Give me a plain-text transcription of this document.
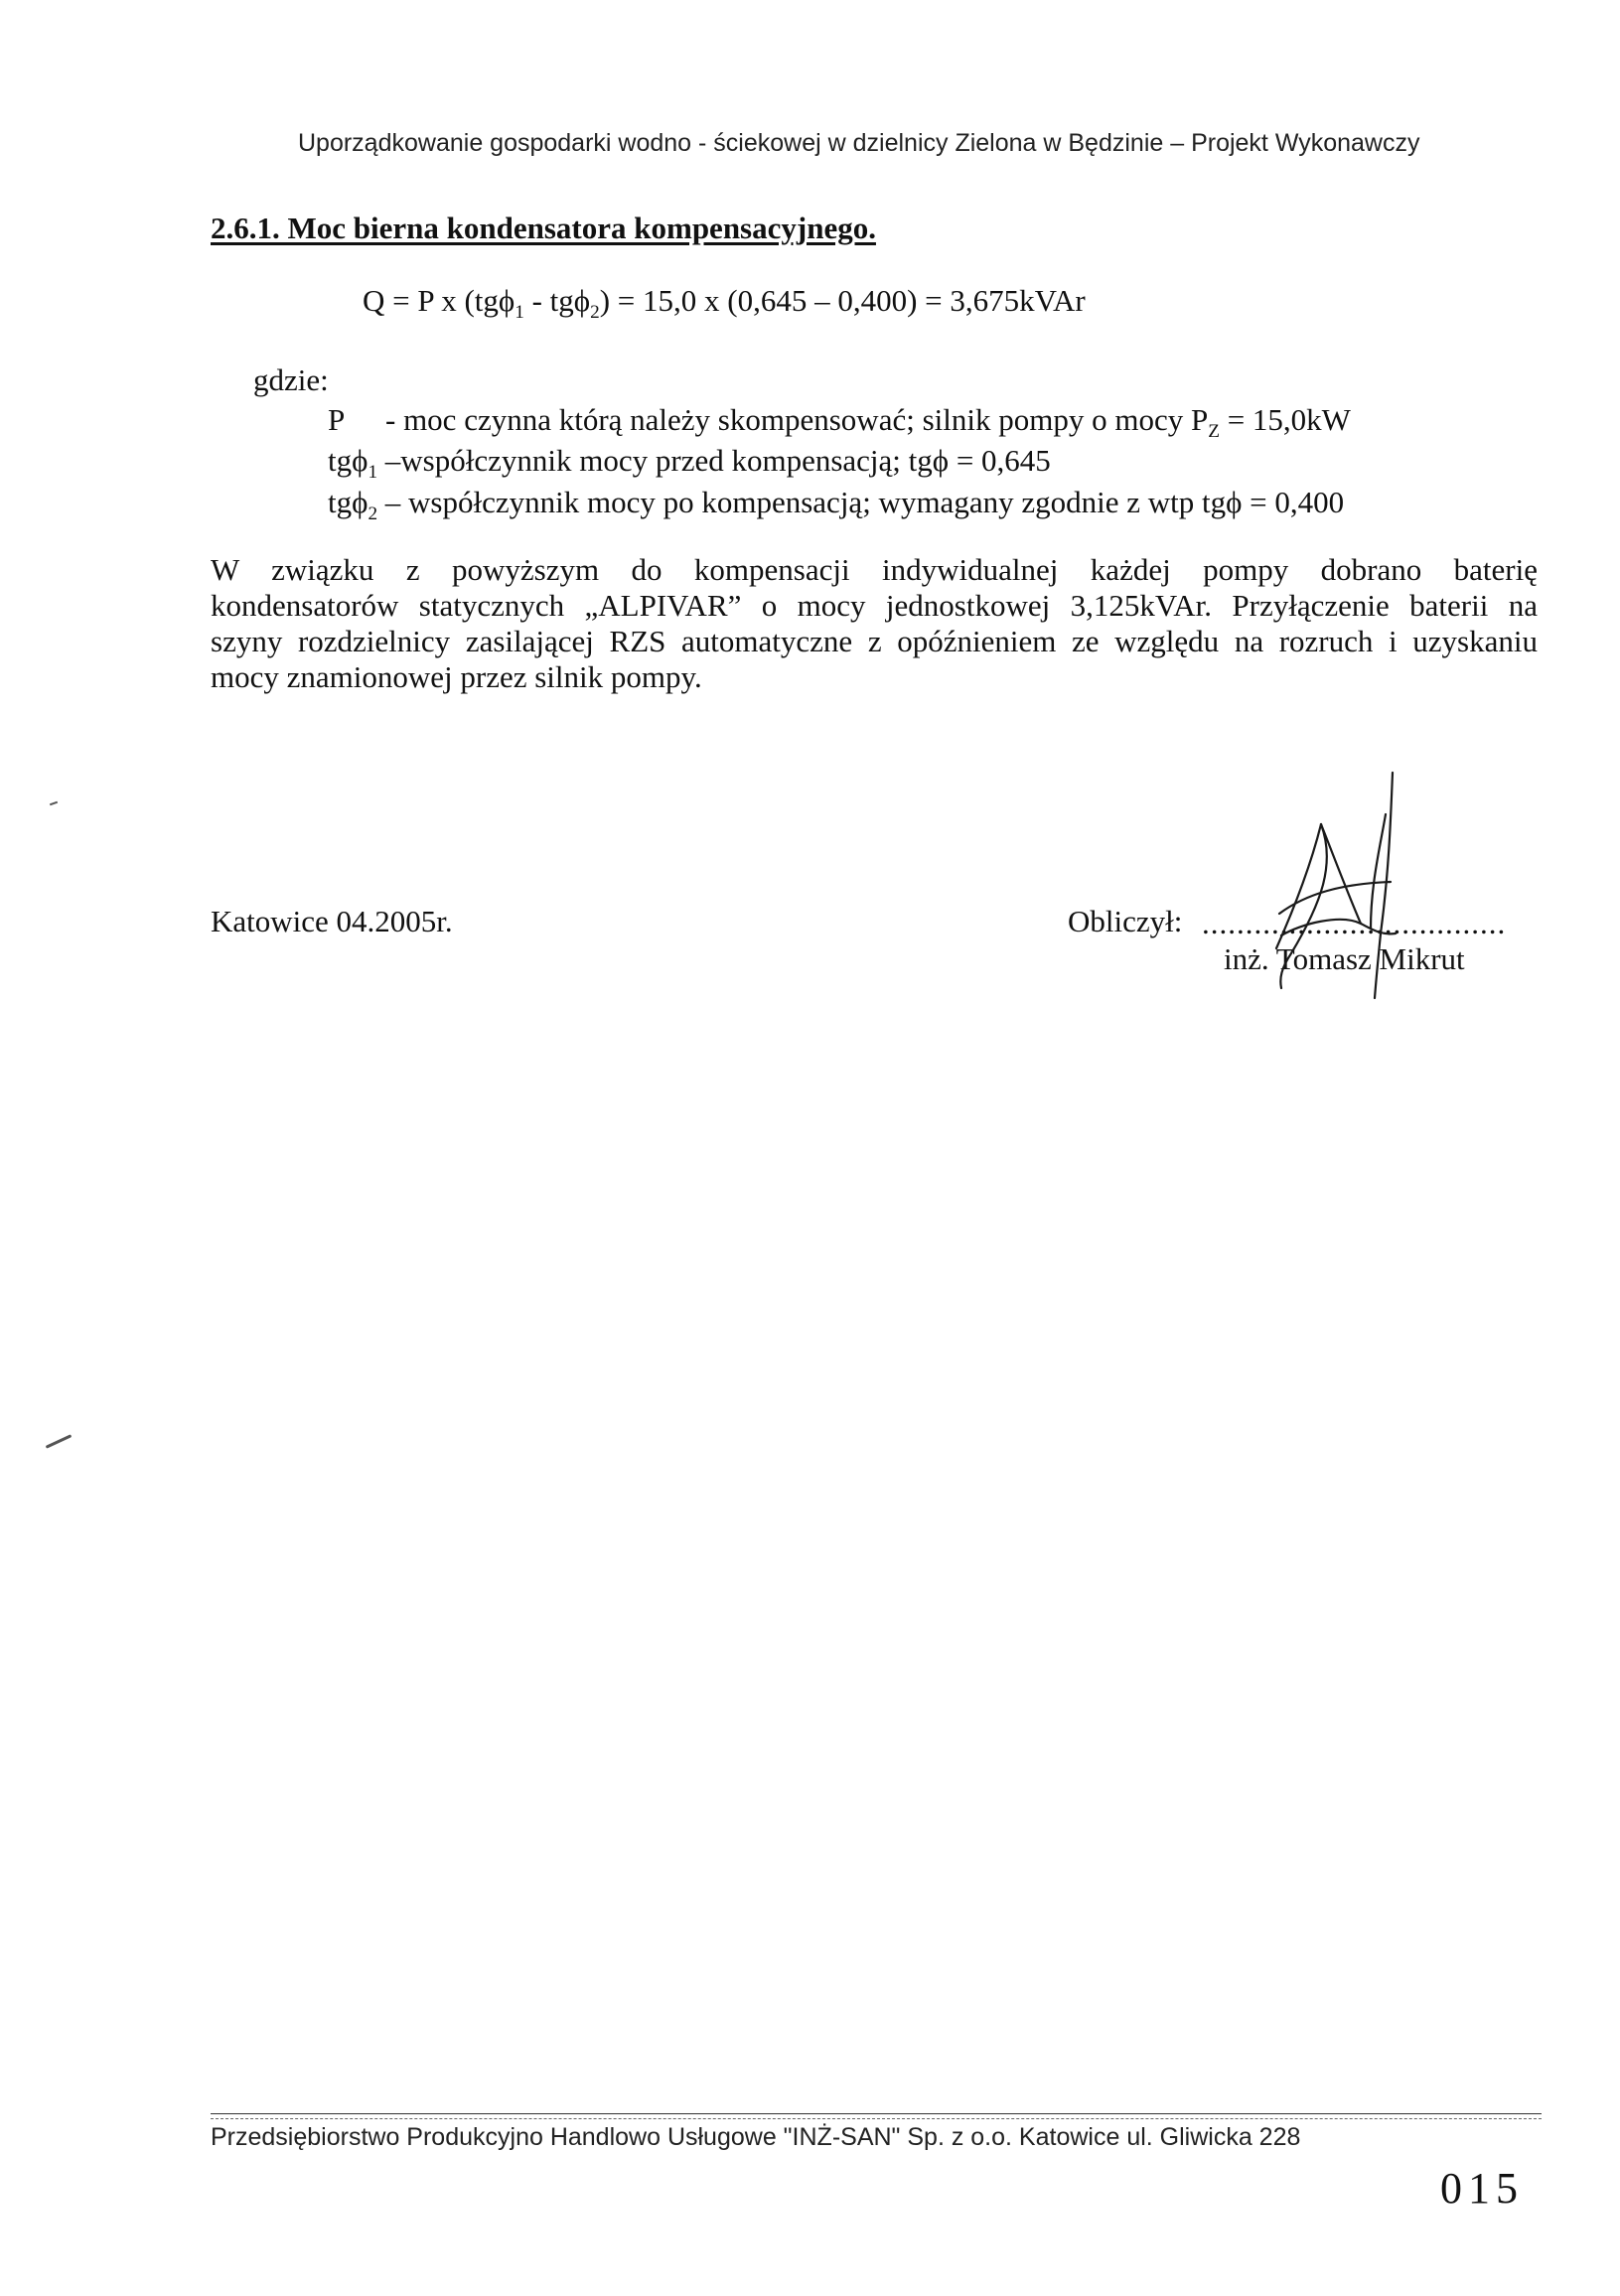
Uporządkowanie gospodarki wodno - ściekowej w dzielnicy Zielona w Będzinie – Projekt Wykonawczy
2.6.1. Moc bierna kondensatora kompensacyjnego.
Q = P x (tgϕ$_1$ - tgϕ$_2$) = 15,0 x (0,645 – 0,400) = 3,675kVAr
gdzie:
P - moc czynna którą należy skompensować; silnik pompy o mocy $P_Z = 15,0kW$
tgϕ$_1$ –współczynnik mocy przed kompensacją; tgϕ = 0,645
tgϕ$_2$ – współczynnik mocy po kompensacją; wymagany zgodnie z wtp tgϕ = 0,400
W związku z powyższym do kompensacji indywidualnej każdej pompy dobrano baterię
kondensatorów statycznych „ALPIVAR” o mocy jednostkowej 3,125kVAr. Przyłączenie baterii na
szyny rozdzielnicy zasilającej RZS automatyczne z opóźnieniem ze względu na rozruch i uzyskaniu
mocy znamionowej przez silnik pompy.
Katowice 04.2005r.	Obliczył: ...................................
inż. Tomasz Mikrut
Przedsiębiorstwo Produkcyjno Handlowo Usługowe "INŻ-SAN" Sp. z o.o. Katowice ul. Gliwicka 228
015
